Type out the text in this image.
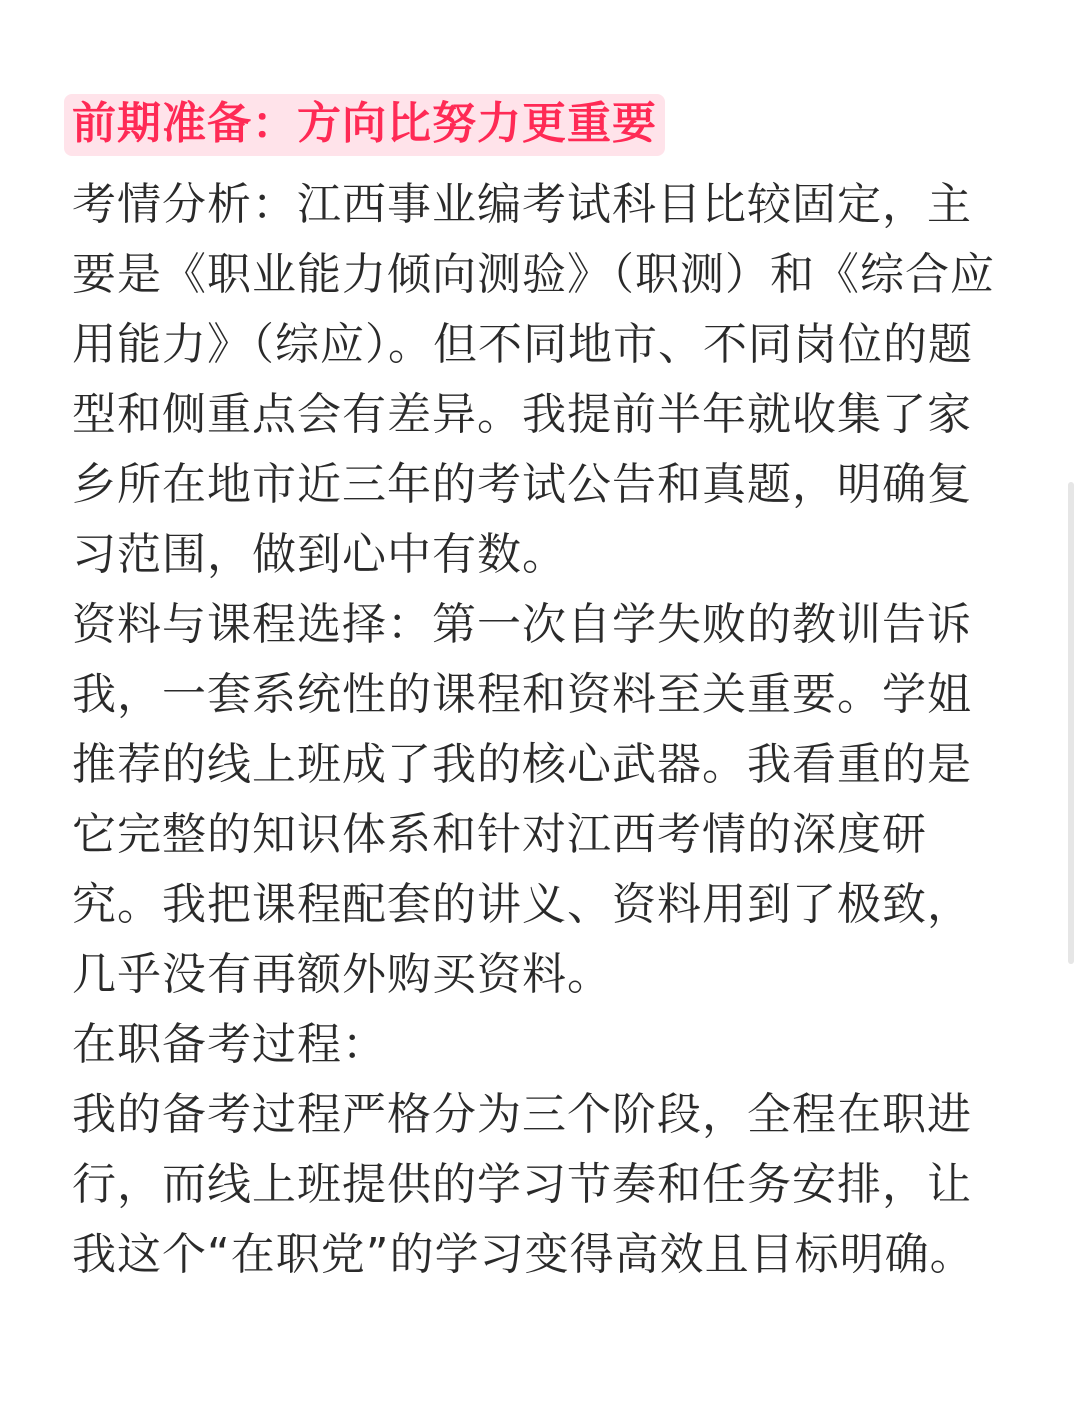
前期准备：方向比努力更重要

考情分析：江西事业编考试科目比较固定，主要是《职业能力倾向测验》（职测）和《综合应用能力》（综应）。但不同地市、不同岗位的题型和侧重点会有差异。我提前半年就收集了家乡所在地市近三年的考试公告和真题，明确复习范围，做到心中有数。

资料与课程选择：第一次自学失败的教训告诉我，一套系统性的课程和资料至关重要。学姐推荐的线上班成了我的核心武器。我看重的是它完整的知识体系和针对江西考情的深度研究。我把课程配套的讲义、资料用到了极致，几乎没有再额外购买资料。

在职备考过程：

我的备考过程严格分为三个阶段，全程在职进行，而线上班提供的学习节奏和任务安排，让我这个“在职党”的学习变得高效且目标明确。
